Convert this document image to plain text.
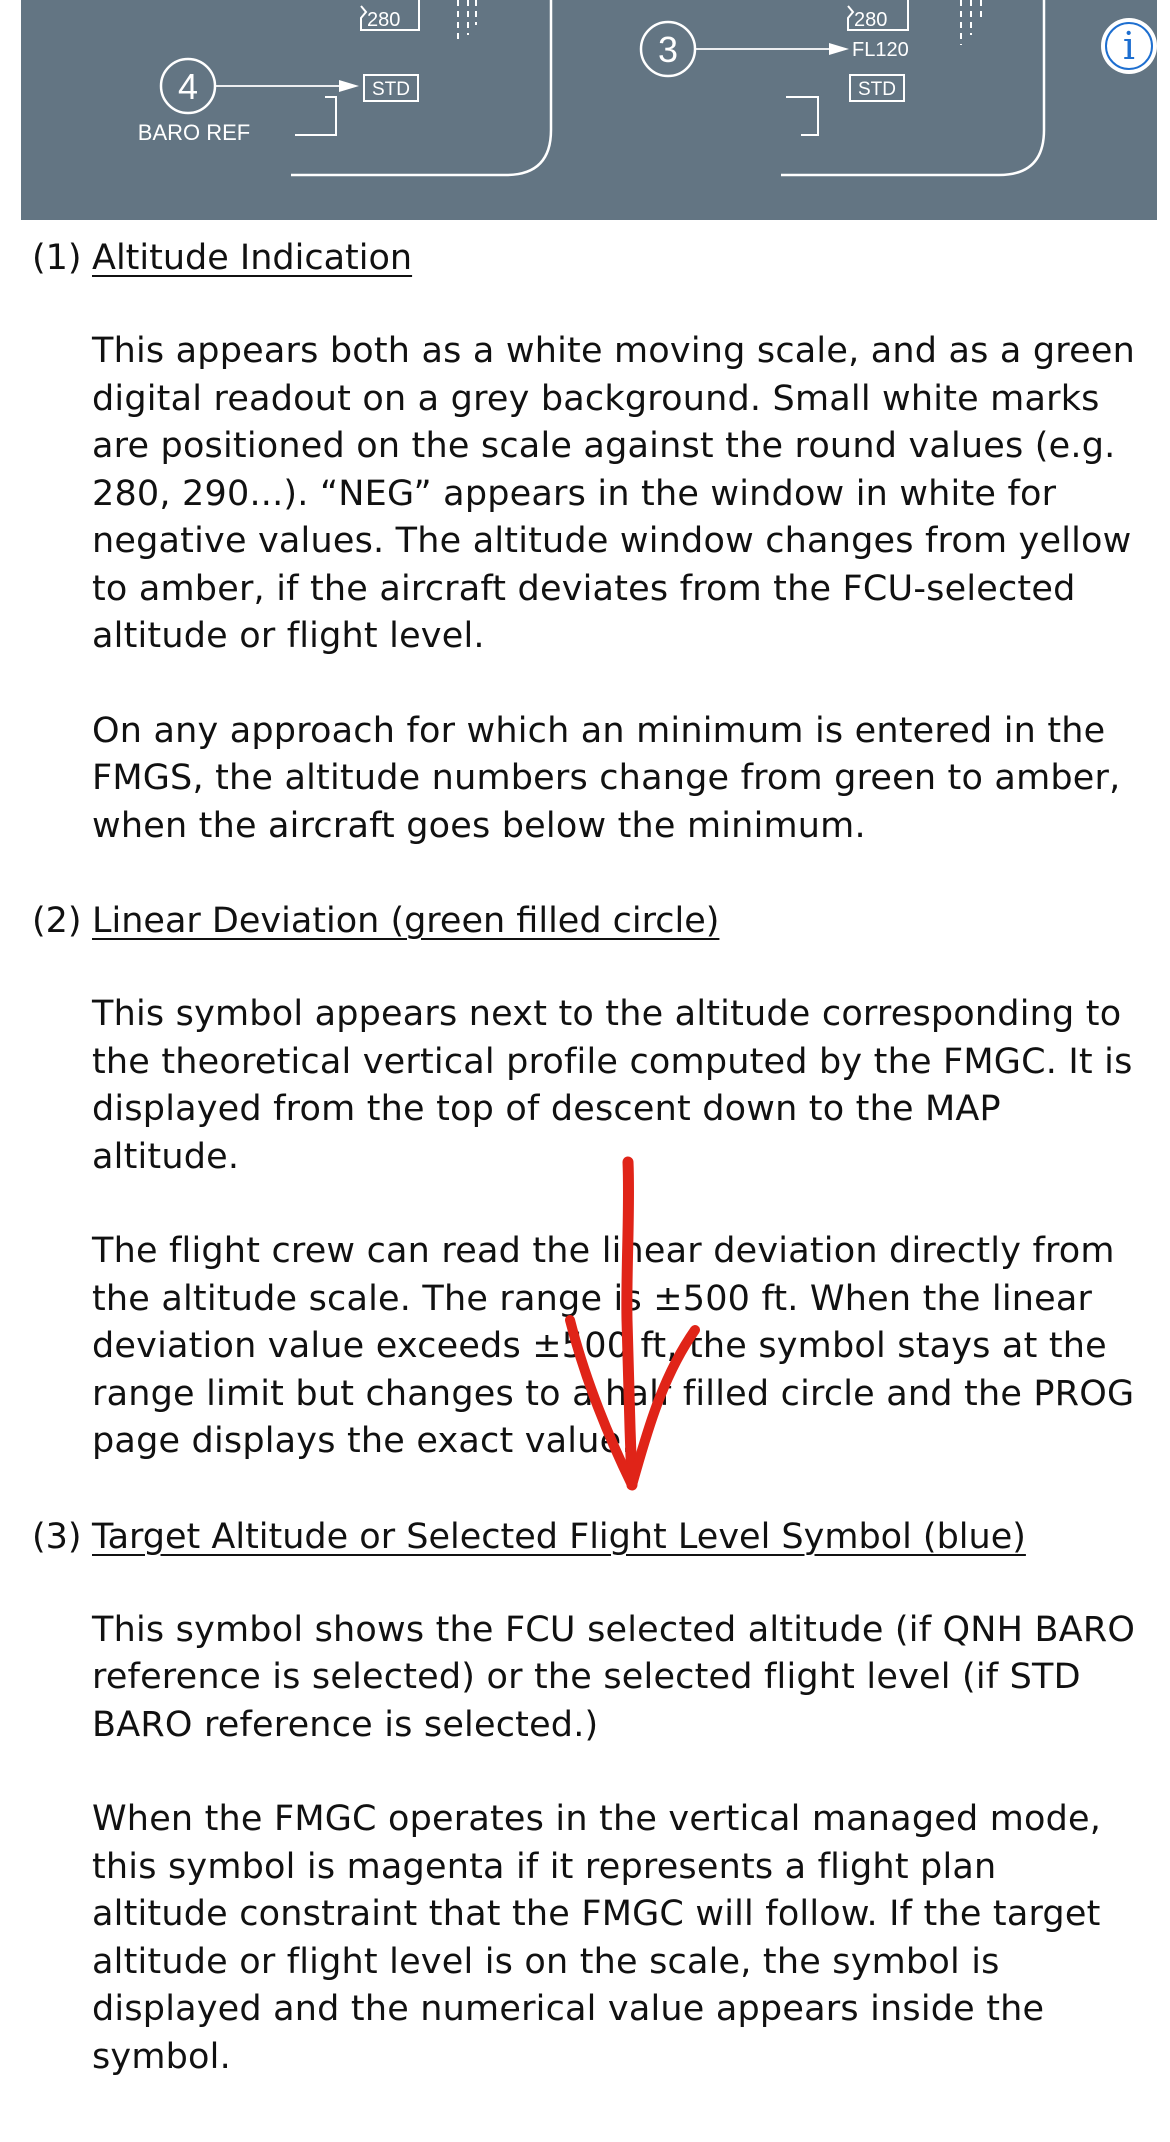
280
4
BARO REF
STD
280
3	FL120
STD
i
(1) Altitude Indication

This appears both as a white moving scale, and as a green digital readout on a grey background. Small white marks are positioned on the scale against the round values (e.g. 280, 290...). “NEG” appears in the window in white for negative values. The altitude window changes from yellow to amber, if the aircraft deviates from the FCU-selected altitude or flight level.

On any approach for which an minimum is entered in the FMGS, the altitude numbers change from green to amber, when the aircraft goes below the minimum.

(2) Linear Deviation (green filled circle)

This symbol appears next to the altitude corresponding to the theoretical vertical profile computed by the FMGC. It is displayed from the top of descent down to the MAP altitude.

The flight crew can read the linear deviation directly from the altitude scale. The range is ±500 ft. When the linear deviation value exceeds ±500 ft, the symbol stays at the range limit but changes to a half filled circle and the PROG page displays the exact value.

(3) Target Altitude or Selected Flight Level Symbol (blue)

This symbol shows the FCU selected altitude (if QNH BARO reference is selected) or the selected flight level (if STD BARO reference is selected.)

When the FMGC operates in the vertical managed mode, this symbol is magenta if it represents a flight plan altitude constraint that the FMGC will follow. If the target altitude or flight level is on the scale, the symbol is displayed and the numerical value appears inside the symbol.
